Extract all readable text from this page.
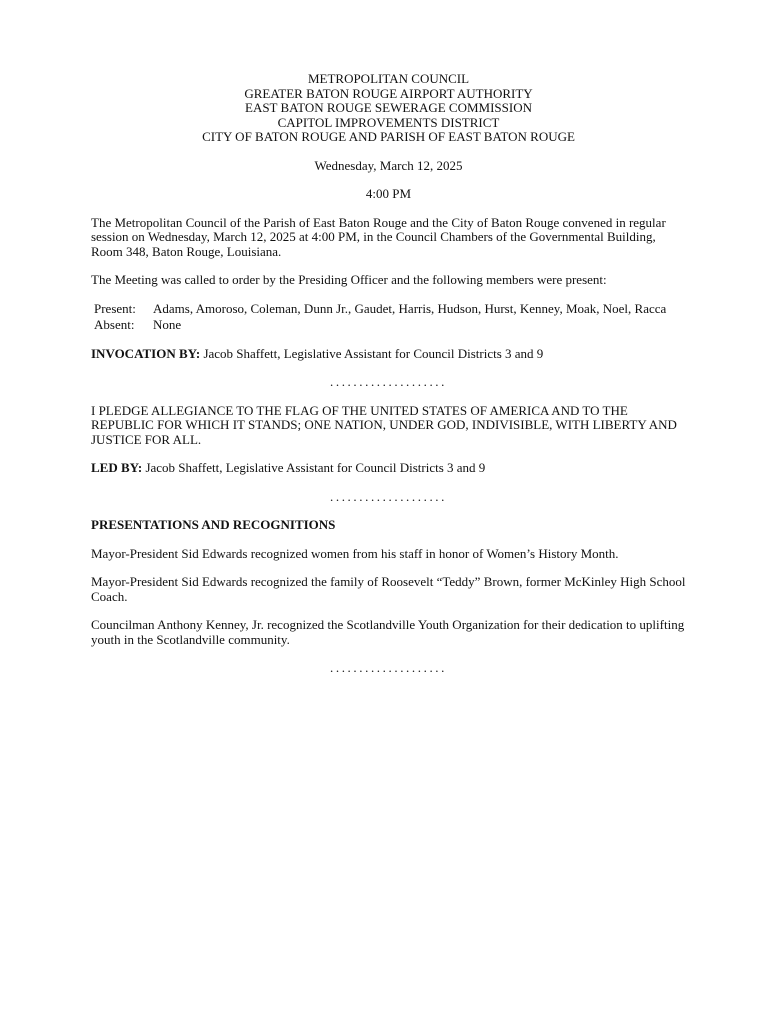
METROPOLITAN COUNCIL
GREATER BATON ROUGE AIRPORT AUTHORITY
EAST BATON ROUGE SEWERAGE COMMISSION
CAPITOL IMPROVEMENTS DISTRICT
CITY OF BATON ROUGE AND PARISH OF EAST BATON ROUGE

Wednesday, March 12, 2025

4:00 PM

The Metropolitan Council of the Parish of East Baton Rouge and the City of Baton Rouge convened in regular session on Wednesday, March 12, 2025 at 4:00 PM, in the Council Chambers of the Governmental Building, Room 348, Baton Rouge, Louisiana.

The Meeting was called to order by the Presiding Officer and the following members were present:

Present:	Adams, Amoroso, Coleman, Dunn Jr., Gaudet, Harris, Hudson, Hurst, Kenney, Moak, Noel, Racca
Absent:	None

INVOCATION BY: Jacob Shaffett, Legislative Assistant for Council Districts 3 and 9

....................

I PLEDGE ALLEGIANCE TO THE FLAG OF THE UNITED STATES OF AMERICA AND TO THE REPUBLIC FOR WHICH IT STANDS; ONE NATION, UNDER GOD, INDIVISIBLE, WITH LIBERTY AND JUSTICE FOR ALL.

LED BY: Jacob Shaffett, Legislative Assistant for Council Districts 3 and 9

....................

PRESENTATIONS AND RECOGNITIONS

Mayor-President Sid Edwards recognized women from his staff in honor of Women’s History Month.

Mayor-President Sid Edwards recognized the family of Roosevelt “Teddy” Brown, former McKinley High School Coach.

Councilman Anthony Kenney, Jr. recognized the Scotlandville Youth Organization for their dedication to uplifting youth in the Scotlandville community.

....................
